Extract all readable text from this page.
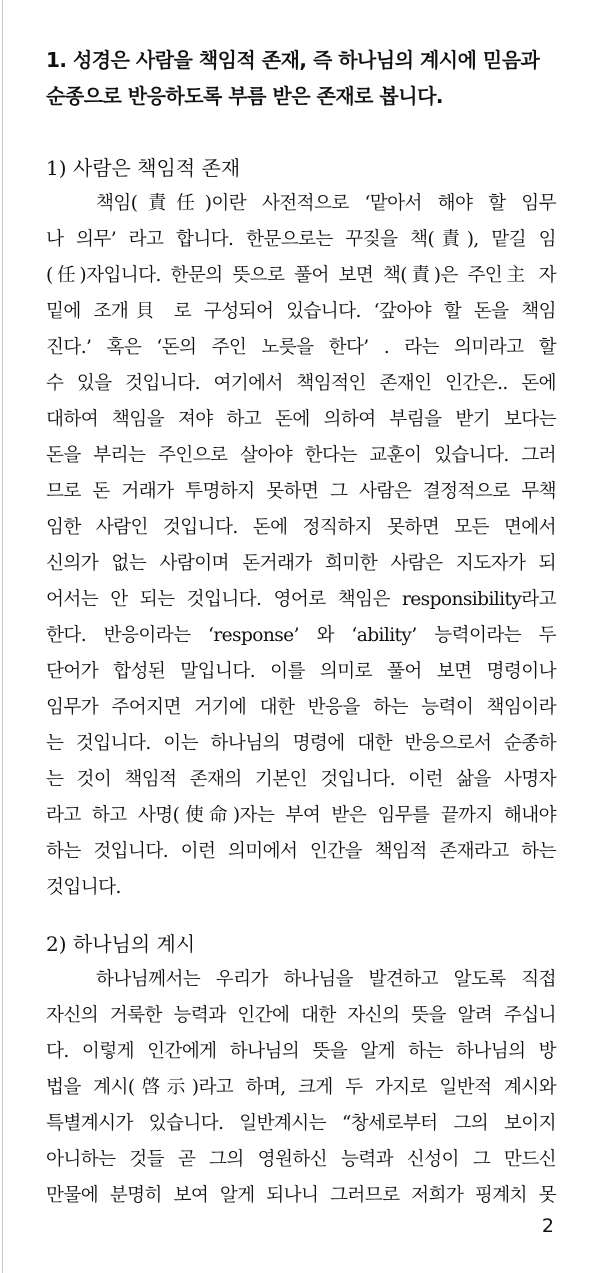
1. 성경은 사람을 책임적 존재, 즉 하나님의 계시에 믿음과
순종으로 반응하도록 부름 받은 존재로 봅니다.
1) 사람은 책임적 존재
책임(責任)이란 사전적으로 ‘맡아서 해야 할 임무
나 의무’ 라고 합니다. 한문으로는 꾸짖을 책(責), 맡길 임
(任)자입니다. 한문의 뜻으로 풀어 보면 책(責)은 주인主 자
밑에 조개貝 로 구성되어 있습니다. ‘갚아야 할 돈을 책임
진다.’ 혹은 ‘돈의 주인 노릇을 한다’ . 라는 의미라고 할
수 있을 것입니다. 여기에서 책임적인 존재인 인간은.. 돈에
대하여 책임을 져야 하고 돈에 의하여 부림을 받기 보다는
돈을 부리는 주인으로 살아야 한다는 교훈이 있습니다. 그러
므로 돈 거래가 투명하지 못하면 그 사람은 결정적으로 무책
임한 사람인 것입니다. 돈에 정직하지 못하면 모든 면에서
신의가 없는 사람이며 돈거래가 희미한 사람은 지도자가 되
어서는 안 되는 것입니다. 영어로 책임은 responsibility라고
한다. 반응이라는 ‘response’ 와 ‘ability’ 능력이라는 두
단어가 합성된 말입니다. 이를 의미로 풀어 보면 명령이나
임무가 주어지면 거기에 대한 반응을 하는 능력이 책임이라
는 것입니다. 이는 하나님의 명령에 대한 반응으로서 순종하
는 것이 책임적 존재의 기본인 것입니다. 이런 삶을 사명자
라고 하고 사명(使命)자는 부여 받은 임무를 끝까지 해내야
하는 것입니다. 이런 의미에서 인간을 책임적 존재라고 하는
것입니다.
2) 하나님의 계시
하나님께서는 우리가 하나님을 발견하고 알도록 직접
자신의 거룩한 능력과 인간에 대한 자신의 뜻을 알려 주십니
다. 이렇게 인간에게 하나님의 뜻을 알게 하는 하나님의 방
법을 계시(啓示)라고 하며, 크게 두 가지로 일반적 계시와
특별계시가 있습니다. 일반계시는 “창세로부터 그의 보이지
아니하는 것들 곧 그의 영원하신 능력과 신성이 그 만드신
만물에 분명히 보여 알게 되나니 그러므로 저희가 핑계치 못
2
